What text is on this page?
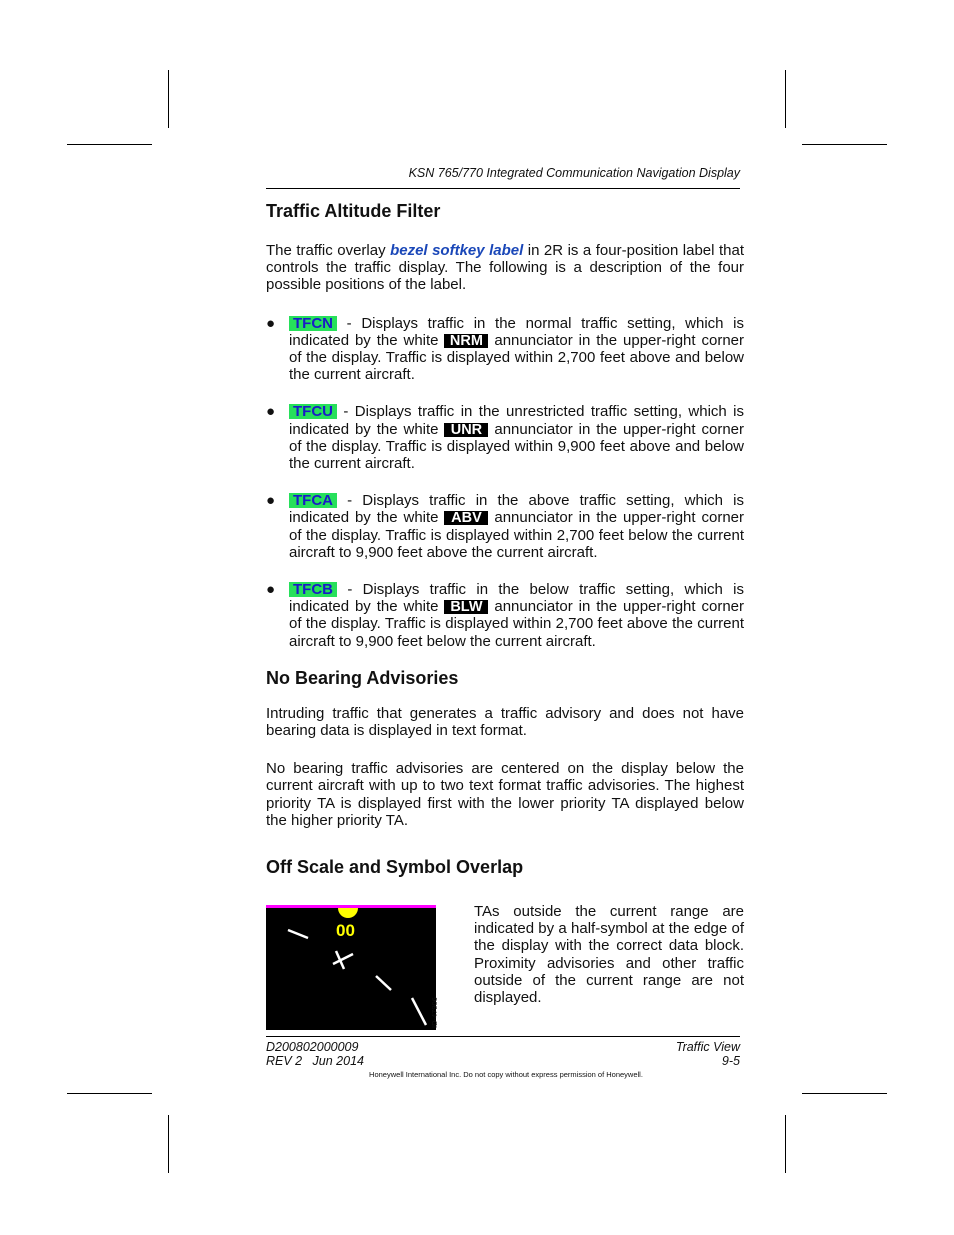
KSN 765/770 Integrated Communication Navigation Display
Traffic Altitude Filter

The traffic overlay bezel softkey label in 2R is a four-position label that controls the traffic display. The following is a description of the four possible positions of the label.

● TFCN - Displays traffic in the normal traffic setting, which is indicated by the white NRM annunciator in the upper-right corner of the display. Traffic is displayed within 2,700 feet above and below the current aircraft.

● TFCU - Displays traffic in the unrestricted traffic setting, which is indicated by the white UNR annunciator in the upper-right corner of the display. Traffic is displayed within 9,900 feet above and below the current aircraft.

● TFCA - Displays traffic in the above traffic setting, which is indicated by the white ABV annunciator in the upper-right corner of the display. Traffic is displayed within 2,700 feet below the current aircraft to 9,900 feet above the current aircraft.

● TFCB - Displays traffic in the below traffic setting, which is indicated by the white BLW annunciator in the upper-right corner of the display. Traffic is displayed within 2,700 feet above the current aircraft to 9,900 feet below the current aircraft.

No Bearing Advisories

Intruding traffic that generates a traffic advisory and does not have bearing data is displayed in text format.

No bearing traffic advisories are centered on the display below the current aircraft with up to two text format traffic advisories. The highest priority TA is displayed first with the lower priority TA displayed below the higher priority TA.

Off Scale and Symbol Overlap

TAs outside the current range are indicated by a half-symbol at the edge of the display with the correct data block. Proximity advisories and other traffic outside of the current range are not displayed.

00
ID-47906
D200802000009
REV 2   Jun 2014
Traffic View
9-5
Honeywell International Inc. Do not copy without express permission of Honeywell.
